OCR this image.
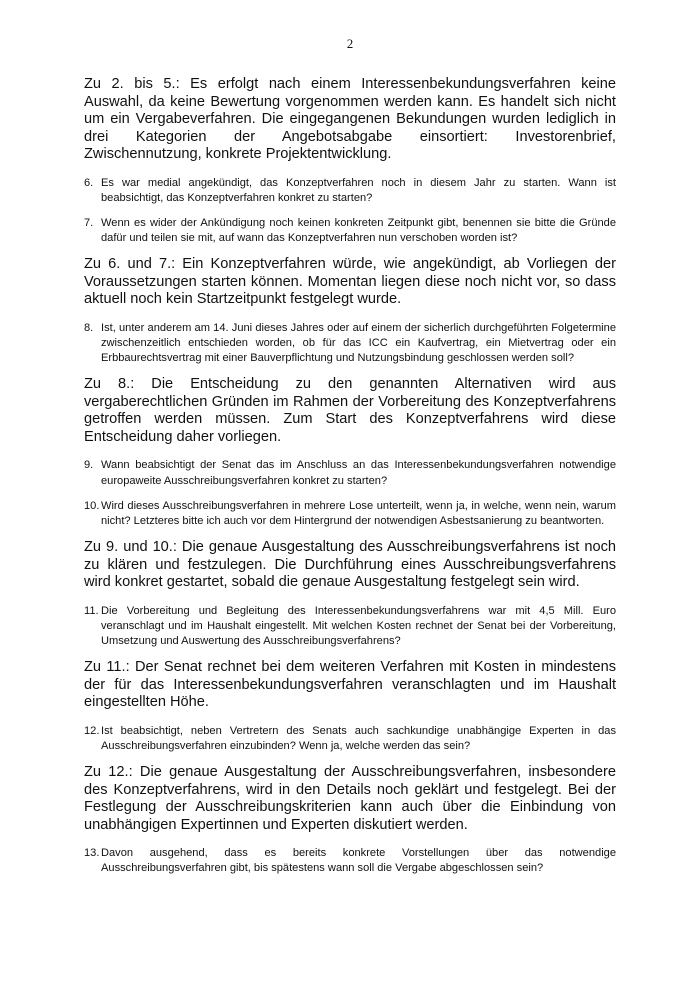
2

Zu 2. bis 5.: Es erfolgt nach einem Interessenbekundungsverfahren keine Auswahl, da keine Bewertung vorgenommen werden kann. Es handelt sich nicht um ein Vergabeverfahren. Die eingegangenen Bekundungen wurden lediglich in drei Kategorien der Angebotsabgabe einsortiert: Investorenbrief, Zwischennutzung, konkrete Projektentwicklung.

6. Es war medial angekündigt, das Konzeptverfahren noch in diesem Jahr zu starten. Wann ist beabsichtigt, das Konzeptverfahren konkret zu starten?
7. Wenn es wider der Ankündigung noch keinen konkreten Zeitpunkt gibt, benennen sie bitte die Gründe dafür und teilen sie mit, auf wann das Konzeptverfahren nun verschoben worden ist?

Zu 6. und 7.: Ein Konzeptverfahren würde, wie angekündigt, ab Vorliegen der Voraussetzungen starten können. Momentan liegen diese noch nicht vor, so dass aktuell noch kein Startzeitpunkt festgelegt wurde.

8. Ist, unter anderem am 14. Juni dieses Jahres oder auf einem der sicherlich durchgeführten Folgetermine zwischenzeitlich entschieden worden, ob für das ICC ein Kaufvertrag, ein Mietvertrag oder ein Erbbaurechtsvertrag mit einer Bauverpflichtung und Nutzungsbindung geschlossen werden soll?

Zu 8.: Die Entscheidung zu den genannten Alternativen wird aus vergaberechtlichen Gründen im Rahmen der Vorbereitung des Konzeptverfahrens getroffen werden müssen. Zum Start des Konzeptverfahrens wird diese Entscheidung daher vorliegen.

9. Wann beabsichtigt der Senat das im Anschluss an das Interessenbekundungsverfahren notwendige europaweite Ausschreibungsverfahren konkret zu starten?
10. Wird dieses Ausschreibungsverfahren in mehrere Lose unterteilt, wenn ja, in welche, wenn nein, warum nicht? Letzteres bitte ich auch vor dem Hintergrund der notwendigen Asbestsanierung zu beantworten.

Zu 9. und 10.: Die genaue Ausgestaltung des Ausschreibungsverfahrens ist noch zu klären und festzulegen. Die Durchführung eines Ausschreibungsverfahrens wird konkret gestartet, sobald die genaue Ausgestaltung festgelegt sein wird.

11. Die Vorbereitung und Begleitung des Interessenbekundungsverfahrens war mit 4,5 Mill. Euro veranschlagt und im Haushalt eingestellt. Mit welchen Kosten rechnet der Senat bei der Vorbereitung, Umsetzung und Auswertung des Ausschreibungsverfahrens?

Zu 11.: Der Senat rechnet bei dem weiteren Verfahren mit Kosten in mindestens der für das Interessenbekundungsverfahren veranschlagten und im Haushalt eingestellten Höhe.

12. Ist beabsichtigt, neben Vertretern des Senats auch sachkundige unabhängige Experten in das Ausschreibungsverfahren einzubinden? Wenn ja, welche werden das sein?

Zu 12.: Die genaue Ausgestaltung der Ausschreibungsverfahren, insbesondere des Konzeptverfahrens, wird in den Details noch geklärt und festgelegt. Bei der Festlegung der Ausschreibungskriterien kann auch über die Einbindung von unabhängigen Expertinnen und Experten diskutiert werden.

13. Davon ausgehend, dass es bereits konkrete Vorstellungen über das notwendige Ausschreibungsverfahren gibt, bis spätestens wann soll die Vergabe abgeschlossen sein?
